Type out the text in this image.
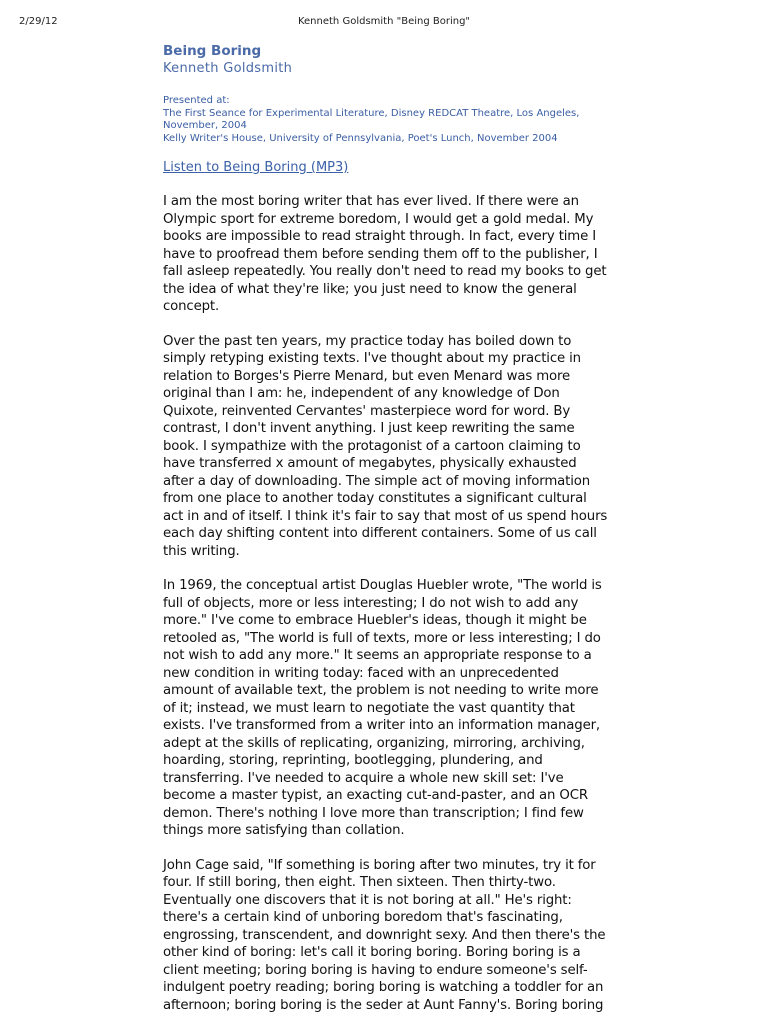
2/29/12	Kenneth Goldsmith "Being Boring"
Being Boring
Kenneth Goldsmith
Presented at:
The First Seance for Experimental Literature, Disney REDCAT Theatre, Los Angeles, November, 2004
Kelly Writer's House, University of Pennsylvania, Poet's Lunch, November 2004
Listen to Being Boring (MP3)

I am the most boring writer that has ever lived. If there were an Olympic sport for extreme boredom, I would get a gold medal. My books are impossible to read straight through. In fact, every time I have to proofread them before sending them off to the publisher, I fall asleep repeatedly. You really don't need to read my books to get the idea of what they're like; you just need to know the general concept.

Over the past ten years, my practice today has boiled down to simply retyping existing texts. I've thought about my practice in relation to Borges's Pierre Menard, but even Menard was more original than I am: he, independent of any knowledge of Don Quixote, reinvented Cervantes' masterpiece word for word. By contrast, I don't invent anything. I just keep rewriting the same book. I sympathize with the protagonist of a cartoon claiming to have transferred x amount of megabytes, physically exhausted after a day of downloading. The simple act of moving information from one place to another today constitutes a significant cultural act in and of itself. I think it's fair to say that most of us spend hours each day shifting content into different containers. Some of us call this writing.

In 1969, the conceptual artist Douglas Huebler wrote, "The world is full of objects, more or less interesting; I do not wish to add any more." I've come to embrace Huebler's ideas, though it might be retooled as, "The world is full of texts, more or less interesting; I do not wish to add any more." It seems an appropriate response to a new condition in writing today: faced with an unprecedented amount of available text, the problem is not needing to write more of it; instead, we must learn to negotiate the vast quantity that exists. I've transformed from a writer into an information manager, adept at the skills of replicating, organizing, mirroring, archiving, hoarding, storing, reprinting, bootlegging, plundering, and transferring. I've needed to acquire a whole new skill set: I've become a master typist, an exacting cut-and-paster, and an OCR demon. There's nothing I love more than transcription; I find few things more satisfying than collation.

John Cage said, "If something is boring after two minutes, try it for four. If still boring, then eight. Then sixteen. Then thirty-two. Eventually one discovers that it is not boring at all." He's right: there's a certain kind of unboring boredom that's fascinating, engrossing, transcendent, and downright sexy. And then there's the other kind of boring: let's call it boring boring. Boring boring is a client meeting; boring boring is having to endure someone's self-indulgent poetry reading; boring boring is watching a toddler for an afternoon; boring boring is the seder at Aunt Fanny's. Boring boring
